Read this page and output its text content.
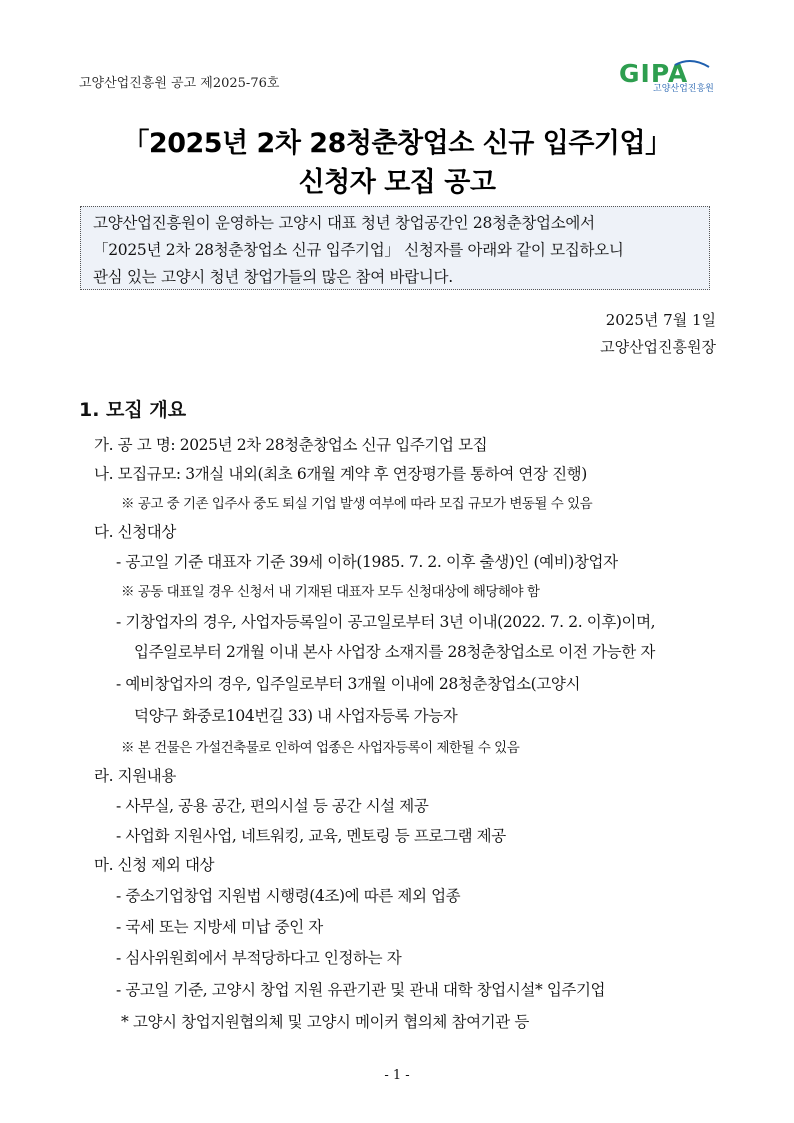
고양산업진흥원 공고 제2025-76호	GIPA
고양산업진흥원
「2025년 2차 28청춘창업소 신규 입주기업」
신청자 모집 공고
고양산업진흥원이 운영하는 고양시 대표 청년 창업공간인 28청춘창업소에서
「2025년 2차 28청춘창업소 신규 입주기업」 신청자를 아래와 같이 모집하오니
관심 있는 고양시 청년 창업가들의 많은 참여 바랍니다.
2025년 7월 1일
고양산업진흥원장
1. 모집 개요
가. 공 고 명: 2025년 2차 28청춘창업소 신규 입주기업 모집
나. 모집규모: 3개실 내외(최초 6개월 계약 후 연장평가를 통하여 연장 진행)
※ 공고 중 기존 입주사 중도 퇴실 기업 발생 여부에 따라 모집 규모가 변동될 수 있음
다. 신청대상
- 공고일 기준 대표자 기준 39세 이하(1985. 7. 2. 이후 출생)인 (예비)창업자
※ 공동 대표일 경우 신청서 내 기재된 대표자 모두 신청대상에 해당해야 함
- 기창업자의 경우, 사업자등록일이 공고일로부터 3년 이내(2022. 7. 2. 이후)이며,
입주일로부터 2개월 이내 본사 사업장 소재지를 28청춘창업소로 이전 가능한 자
- 예비창업자의 경우, 입주일로부터 3개월 이내에 28청춘창업소(고양시
덕양구 화중로104번길 33) 내 사업자등록 가능자
※ 본 건물은 가설건축물로 인하여 업종은 사업자등록이 제한될 수 있음
라. 지원내용
- 사무실, 공용 공간, 편의시설 등 공간 시설 제공
- 사업화 지원사업, 네트워킹, 교육, 멘토링 등 프로그램 제공
마. 신청 제외 대상
- 중소기업창업 지원법 시행령(4조)에 따른 제외 업종
- 국세 또는 지방세 미납 중인 자
- 심사위원회에서 부적당하다고 인정하는 자
- 공고일 기준, 고양시 창업 지원 유관기관 및 관내 대학 창업시설* 입주기업
* 고양시 창업지원협의체 및 고양시 메이커 협의체 참여기관 등
- 1 -
